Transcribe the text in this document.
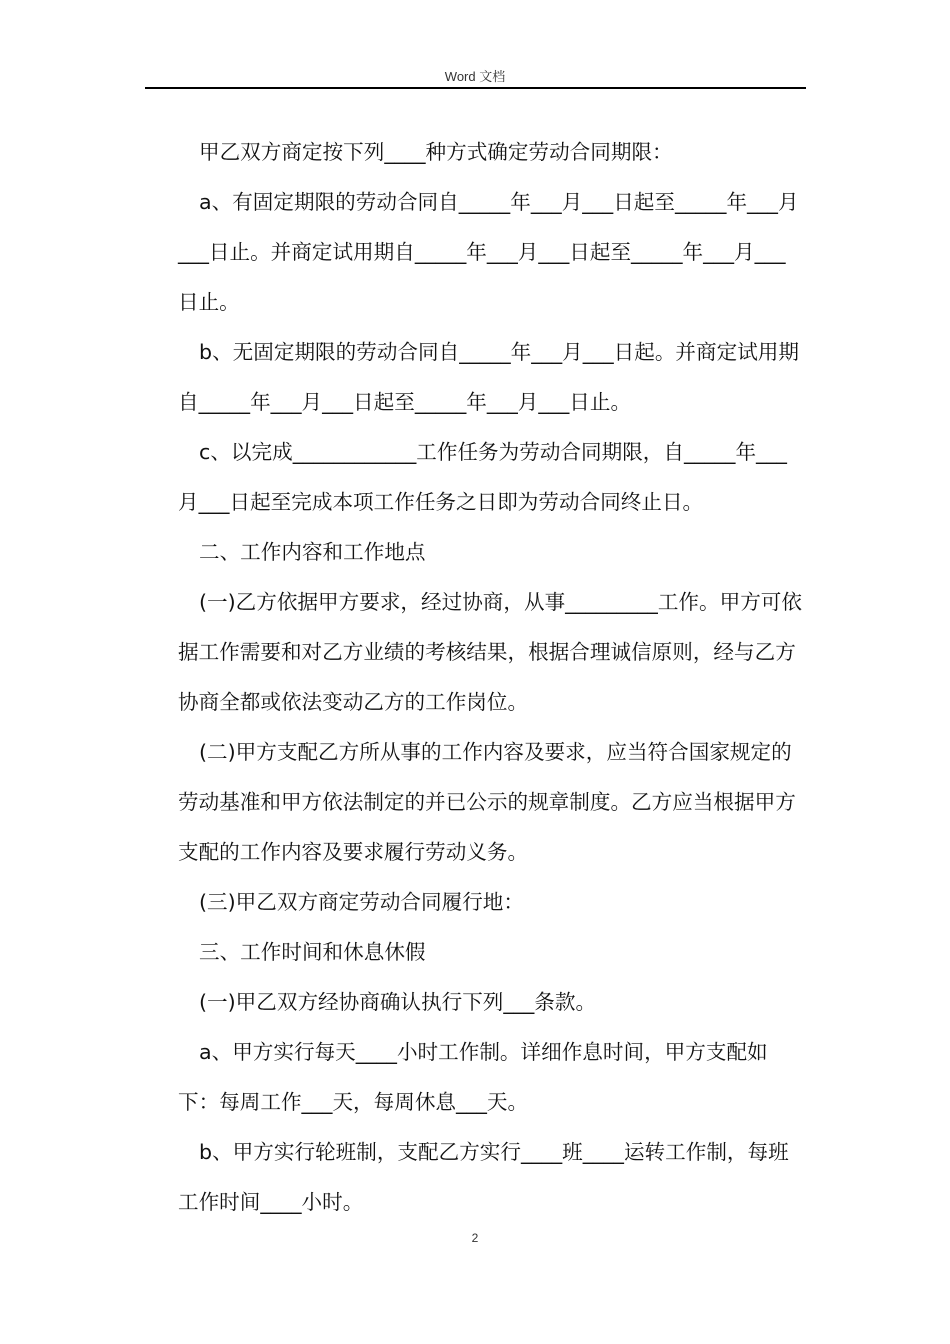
Word 文档

甲乙双方商定按下列____种方式确定劳动合同期限：

a、有固定期限的劳动合同自_____年___月___日起至_____年___月___日止。并商定试用期自_____年___月___日起至_____年___月___日止。

b、无固定期限的劳动合同自_____年___月___日起。并商定试用期自_____年___月___日起至_____年___月___日止。

c、以完成____________工作任务为劳动合同期限，自_____年___月___日起至完成本项工作任务之日即为劳动合同终止日。

二、工作内容和工作地点

(一)乙方依据甲方要求，经过协商，从事_________工作。甲方可依据工作需要和对乙方业绩的考核结果，根据合理诚信原则，经与乙方协商全都或依法变动乙方的工作岗位。

(二)甲方支配乙方所从事的工作内容及要求，应当符合国家规定的劳动基准和甲方依法制定的并已公示的规章制度。乙方应当根据甲方支配的工作内容及要求履行劳动义务。

(三)甲乙双方商定劳动合同履行地：

三、工作时间和休息休假

(一)甲乙双方经协商确认执行下列___条款。

a、甲方实行每天____小时工作制。详细作息时间，甲方支配如下：每周工作___天，每周休息___天。

b、甲方实行轮班制，支配乙方实行____班____运转工作制，每班工作时间____小时。

2
